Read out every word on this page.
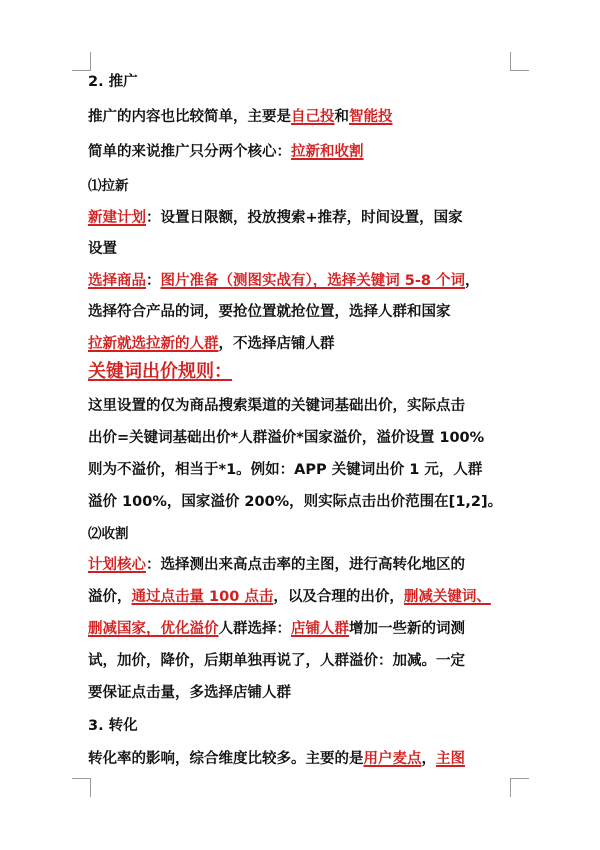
2. 推广
推广的内容也比较简单，主要是自己投和智能投
简单的来说推广只分两个核心：拉新和收割
⑴拉新
新建计划：设置日限额，投放搜索+推荐，时间设置，国家
设置
选择商品：图片准备（测图实战有），选择关键词 5-8 个词，
选择符合产品的词，要抢位置就抢位置，选择人群和国家
拉新就选拉新的人群，不选择店铺人群
关键词出价规则：
这里设置的仅为商品搜索渠道的关键词基础出价，实际点击
出价=关键词基础出价*人群溢价*国家溢价，溢价设置 100%
则为不溢价，相当于*1。例如：APP 关键词出价 1 元，人群
溢价 100%，国家溢价 200%，则实际点击出价范围在[1,2]。
⑵收割
计划核心：选择测出来高点击率的主图，进行高转化地区的
溢价，通过点击量 100 点击，以及合理的出价，删减关键词、
删减国家，优化溢价人群选择：店铺人群增加一些新的词测
试，加价，降价，后期单独再说了，人群溢价：加减。一定
要保证点击量，多选择店铺人群
3. 转化
转化率的影响，综合维度比较多。主要的是用户麦点，主图
